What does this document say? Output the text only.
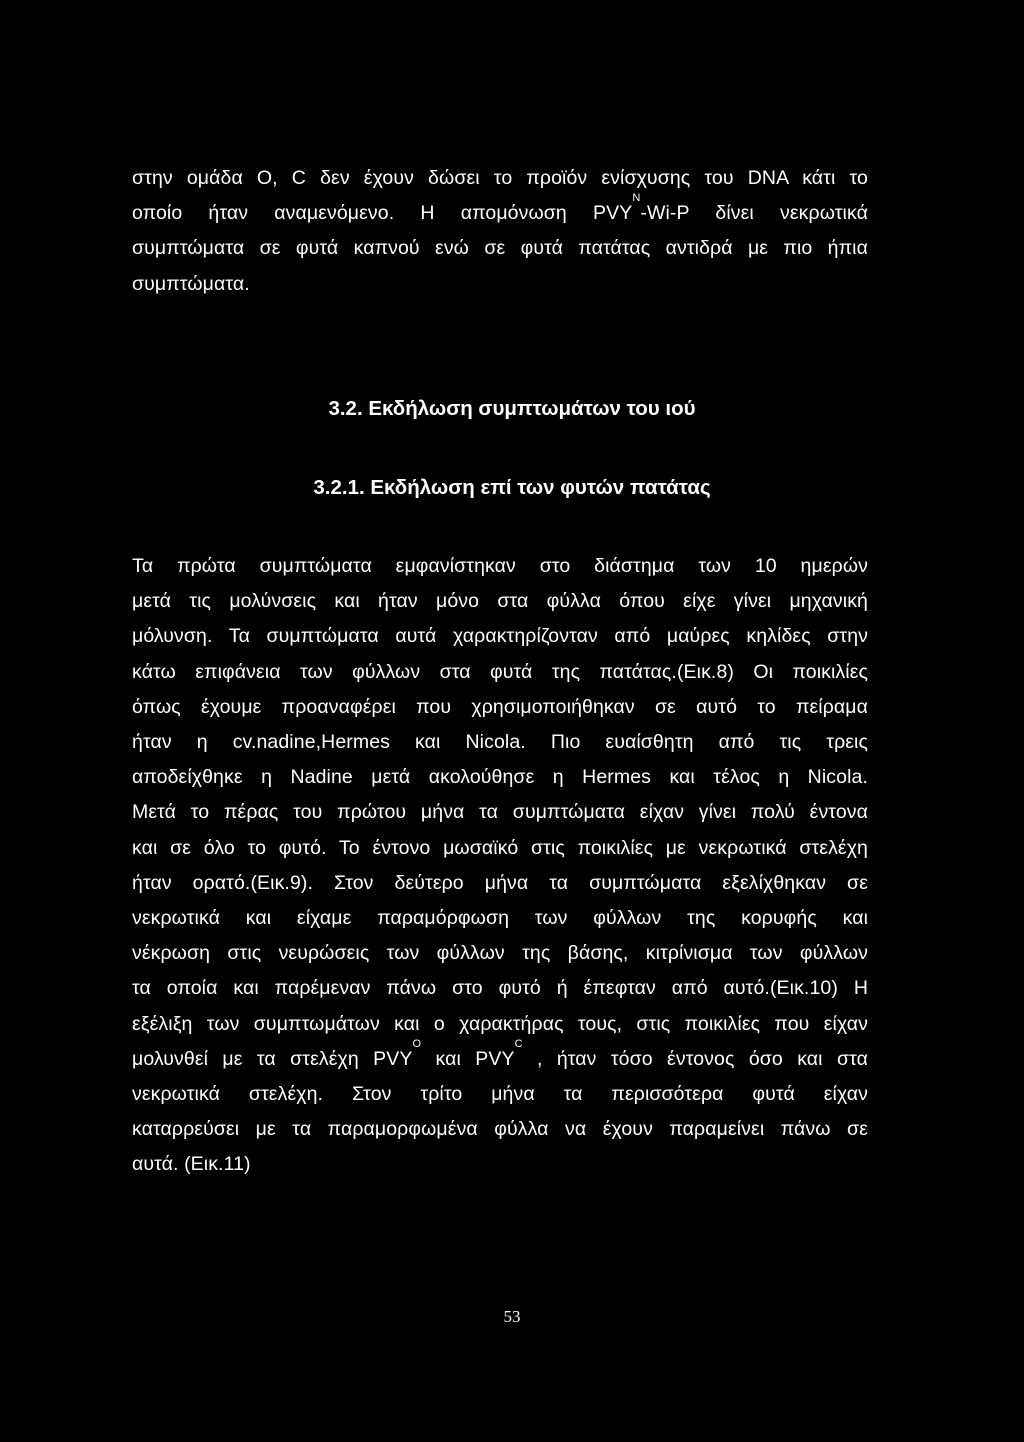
στην ομάδα Ο, C δεν έχουν δώσει το προϊόν ενίσχυσης του DNA κάτι το
οποίο ήταν αναμενόμενο. Η απομόνωση $PVY^N-Wi-P$ δίνει νεκρωτικά
συμπτώματα σε φυτά καπνού ενώ σε φυτά πατάτας αντιδρά με πιο ήπια
συμπτώματα.

3.2. Εκδήλωση συμπτωμάτων του ιού
3.2.1. Εκδήλωση επί των φυτών πατάτας

Τα πρώτα συμπτώματα εμφανίστηκαν στο διάστημα των 10 ημερών
μετά τις μολύνσεις και ήταν μόνο στα φύλλα όπου είχε γίνει μηχανική
μόλυνση. Τα συμπτώματα αυτά χαρακτηρίζονταν από μαύρες κηλίδες στην
κάτω επιφάνεια των φύλλων στα φυτά της πατάτας.(Εικ.8) Οι ποικιλίες
όπως έχουμε προαναφέρει που χρησιμοποιήθηκαν σε αυτό το πείραμα
ήταν η cv.nadine,Hermes και Nicola. Πιο ευαίσθητη από τις τρεις
αποδείχθηκε η Nadine μετά ακολούθησε η Hermes και τέλος η Nicola.
Μετά το πέρας του πρώτου μήνα τα συμπτώματα είχαν γίνει πολύ έντονα
και σε όλο το φυτό. Το έντονο μωσαϊκό στις ποικιλίες με νεκρωτικά στελέχη
ήταν ορατό.(Εικ.9). Στον δεύτερο μήνα τα συμπτώματα εξελίχθηκαν σε
νεκρωτικά και είχαμε παραμόρφωση των φύλλων της κορυφής και
νέκρωση στις νευρώσεις των φύλλων της βάσης, κιτρίνισμα των φύλλων
τα οποία και παρέμεναν πάνω στο φυτό ή έπεφταν από αυτό.(Εικ.10) Η
εξέλιξη των συμπτωμάτων και ο χαρακτήρας τους, στις ποικιλίες που είχαν
μολυνθεί με τα στελέχη $PVY^O$ και $PVY^C$ , ήταν τόσο έντονος όσο και στα
νεκρωτικά στελέχη. Στον τρίτο μήνα τα περισσότερα φυτά είχαν
καταρρεύσει με τα παραμορφωμένα φύλλα να έχουν παραμείνει πάνω σε
αυτά. (Εικ.11)

53
